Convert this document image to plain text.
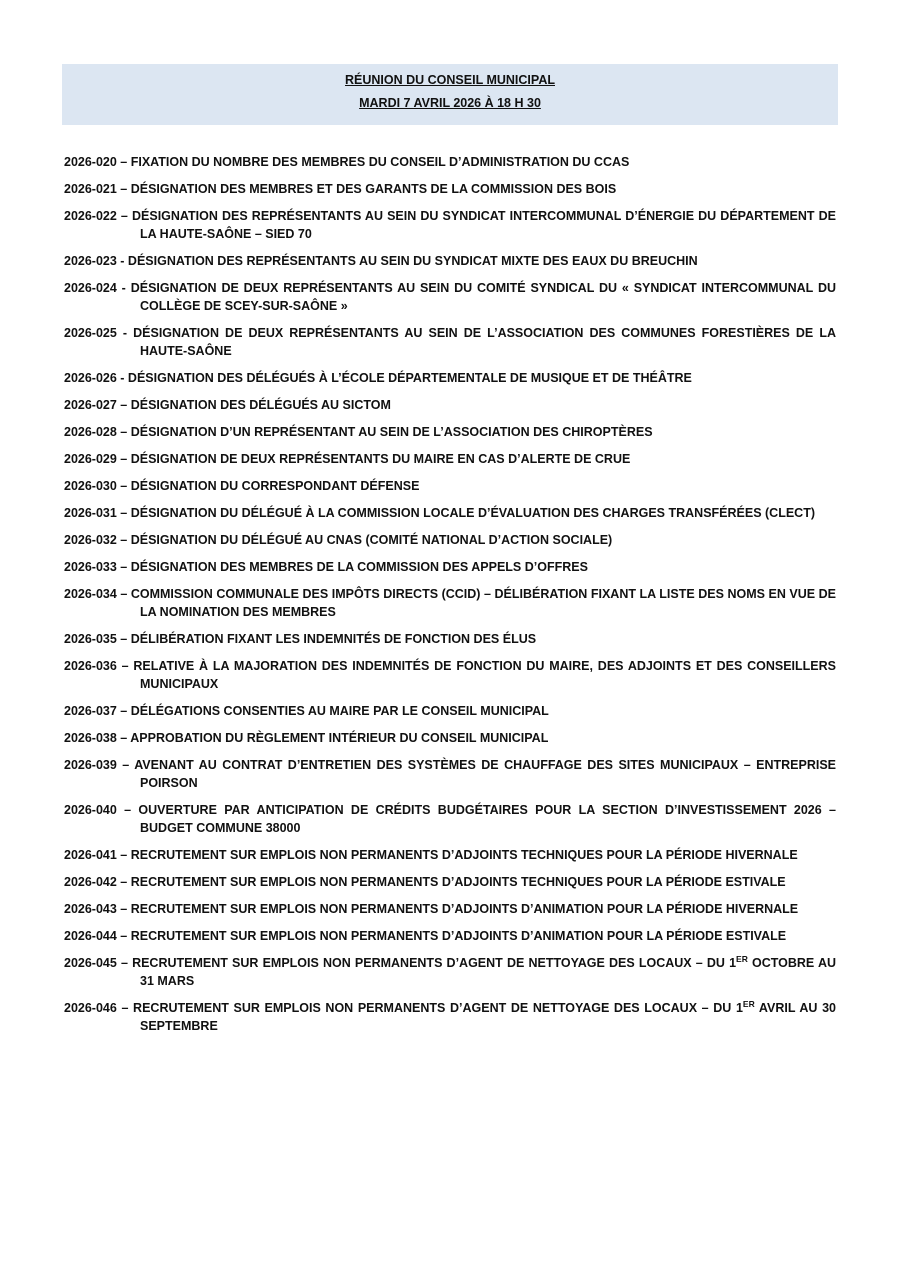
RÉUNION DU CONSEIL MUNICIPAL
MARDI 7 AVRIL 2026 À 18 H 30
2026-020 – FIXATION DU NOMBRE DES MEMBRES DU CONSEIL D’ADMINISTRATION DU CCAS
2026-021 – DÉSIGNATION DES MEMBRES ET DES GARANTS DE LA COMMISSION DES BOIS
2026-022 – DÉSIGNATION DES REPRÉSENTANTS AU SEIN DU SYNDICAT INTERCOMMUNAL D’ÉNERGIE DU DÉPARTEMENT DE LA HAUTE-SAÔNE – SIED 70
2026-023 - DÉSIGNATION DES REPRÉSENTANTS AU SEIN DU SYNDICAT MIXTE DES EAUX DU BREUCHIN
2026-024 - DÉSIGNATION DE DEUX REPRÉSENTANTS AU SEIN DU COMITÉ SYNDICAL DU « SYNDICAT INTERCOMMUNAL DU COLLÈGE DE SCEY-SUR-SAÔNE »
2026-025 - DÉSIGNATION DE DEUX REPRÉSENTANTS AU SEIN DE L’ASSOCIATION DES COMMUNES FORESTIÈRES DE LA HAUTE-SAÔNE
2026-026 - DÉSIGNATION DES DÉLÉGUÉS À L’ÉCOLE DÉPARTEMENTALE DE MUSIQUE ET DE THÉÂTRE
2026-027 – DÉSIGNATION DES DÉLÉGUÉS AU SICTOM
2026-028 – DÉSIGNATION D’UN REPRÉSENTANT AU SEIN DE L’ASSOCIATION DES CHIROPTÈRES
2026-029 – DÉSIGNATION DE DEUX REPRÉSENTANTS DU MAIRE EN CAS D’ALERTE DE CRUE
2026-030 – DÉSIGNATION DU CORRESPONDANT DÉFENSE
2026-031 – DÉSIGNATION DU DÉLÉGUÉ À LA COMMISSION LOCALE D’ÉVALUATION DES CHARGES TRANSFÉRÉES (CLECT)
2026-032 – DÉSIGNATION DU DÉLÉGUÉ AU CNAS (COMITÉ NATIONAL D’ACTION SOCIALE)
2026-033 – DÉSIGNATION DES MEMBRES DE LA COMMISSION DES APPELS D’OFFRES
2026-034 – COMMISSION COMMUNALE DES IMPÔTS DIRECTS (CCID) – DÉLIBÉRATION FIXANT LA LISTE DES NOMS EN VUE DE LA NOMINATION DES MEMBRES
2026-035 – DÉLIBÉRATION FIXANT LES INDEMNITÉS DE FONCTION DES ÉLUS
2026-036 – RELATIVE À LA MAJORATION DES INDEMNITÉS DE FONCTION DU MAIRE, DES ADJOINTS ET DES CONSEILLERS MUNICIPAUX
2026-037 – DÉLÉGATIONS CONSENTIES AU MAIRE PAR LE CONSEIL MUNICIPAL
2026-038 – APPROBATION DU RÈGLEMENT INTÉRIEUR DU CONSEIL MUNICIPAL
2026-039 – AVENANT AU CONTRAT D’ENTRETIEN DES SYSTÈMES DE CHAUFFAGE DES SITES MUNICIPAUX – ENTREPRISE POIRSON
2026-040 – OUVERTURE PAR ANTICIPATION DE CRÉDITS BUDGÉTAIRES POUR LA SECTION D’INVESTISSEMENT 2026 – BUDGET COMMUNE 38000
2026-041 – RECRUTEMENT SUR EMPLOIS NON PERMANENTS D’ADJOINTS TECHNIQUES POUR LA PÉRIODE HIVERNALE
2026-042 – RECRUTEMENT SUR EMPLOIS NON PERMANENTS D’ADJOINTS TECHNIQUES POUR LA PÉRIODE ESTIVALE
2026-043 – RECRUTEMENT SUR EMPLOIS NON PERMANENTS D’ADJOINTS D’ANIMATION POUR LA PÉRIODE HIVERNALE
2026-044 – RECRUTEMENT SUR EMPLOIS NON PERMANENTS D’ADJOINTS D’ANIMATION POUR LA PÉRIODE ESTIVALE
2026-045 – RECRUTEMENT SUR EMPLOIS NON PERMANENTS D’AGENT DE NETTOYAGE DES LOCAUX – DU 1ER OCTOBRE AU 31 MARS
2026-046 – RECRUTEMENT SUR EMPLOIS NON PERMANENTS D’AGENT DE NETTOYAGE DES LOCAUX – DU 1ER AVRIL AU 30 SEPTEMBRE
